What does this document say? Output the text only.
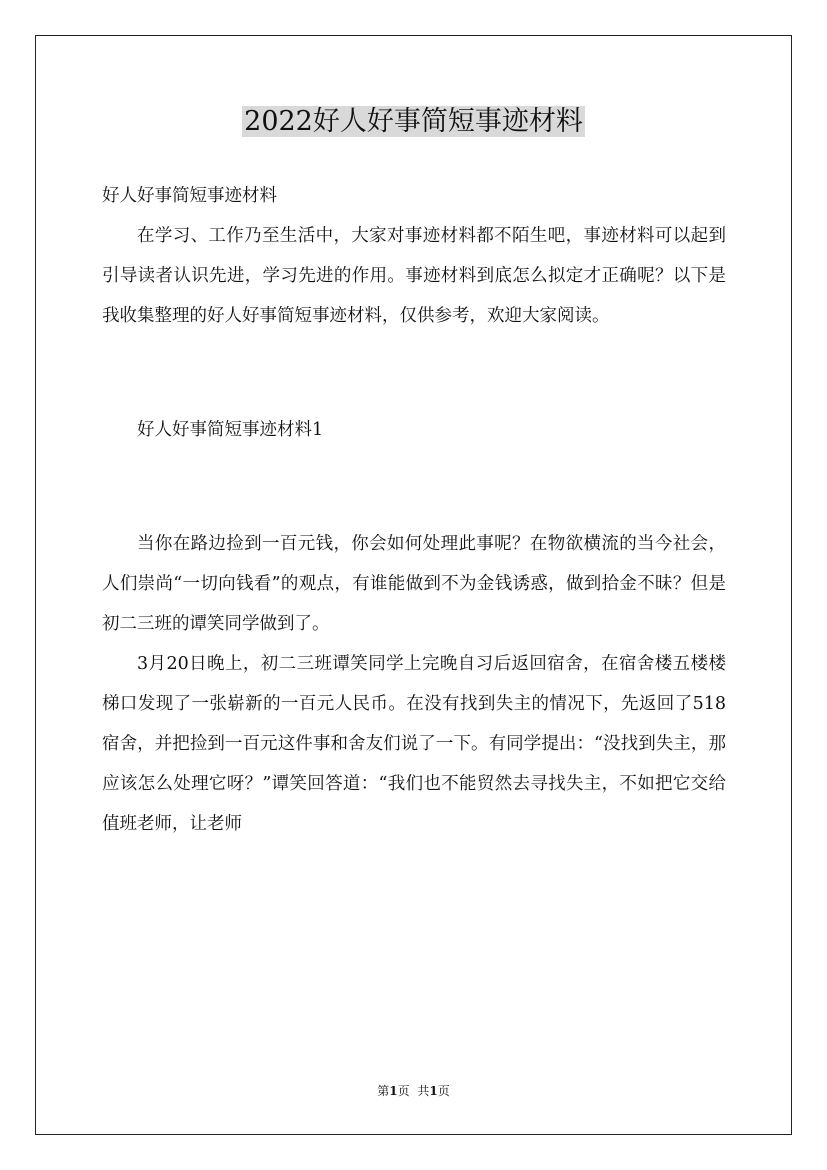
2022好人好事简短事迹材料

好人好事简短事迹材料

在学习、工作乃至生活中，大家对事迹材料都不陌生吧，事迹材料可以起到引导读者认识先进，学习先进的作用。事迹材料到底怎么拟定才正确呢？以下是我收集整理的好人好事简短事迹材料，仅供参考，欢迎大家阅读。

好人好事简短事迹材料1

当你在路边捡到一百元钱，你会如何处理此事呢？在物欲横流的当今社会，人们崇尚“一切向钱看”的观点，有谁能做到不为金钱诱惑，做到拾金不昧？但是初二三班的谭笑同学做到了。

3月20日晚上，初二三班谭笑同学上完晚自习后返回宿舍，在宿舍楼五楼楼梯口发现了一张崭新的一百元人民币。在没有找到失主的情况下，先返回了518宿舍，并把捡到一百元这件事和舍友们说了一下。有同学提出：“没找到失主，那应该怎么处理它呀？”谭笑回答道：“我们也不能贸然去寻找失主，不如把它交给值班老师，让老师

第1页 共1页
